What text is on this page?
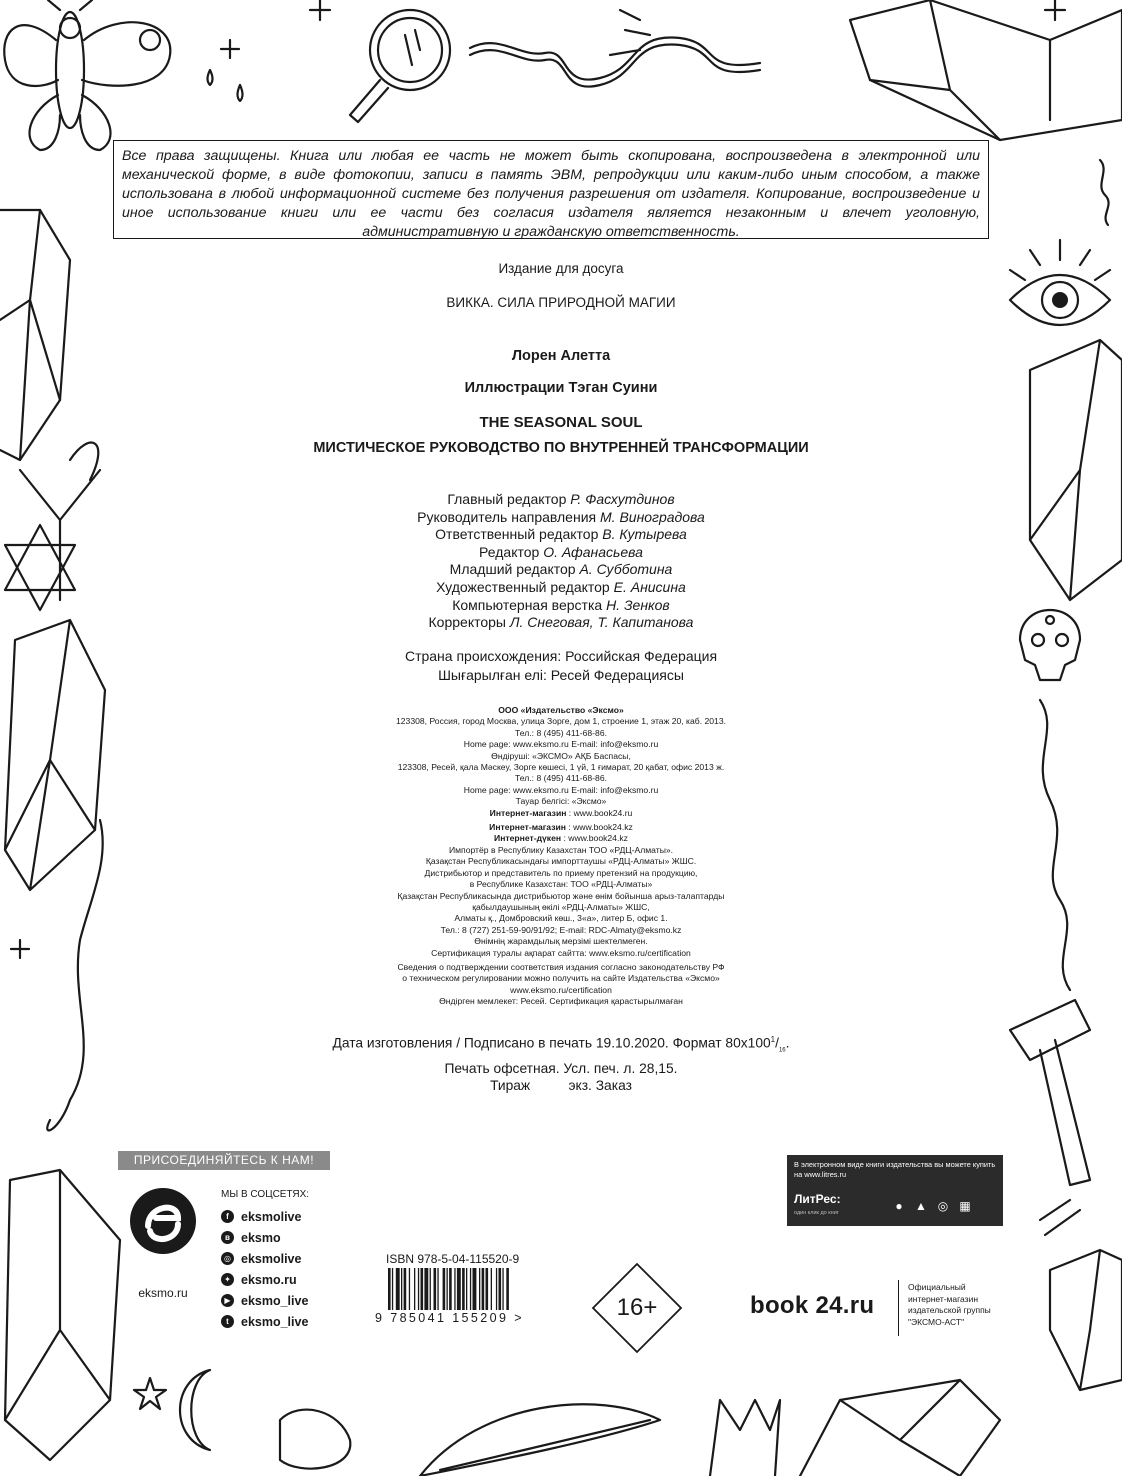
Все права защищены. Книга или любая ее часть не может быть скопирована, воспроизведена в электронной или механической форме, в виде фотокопии, записи в память ЭВМ, репродукции или каким-либо иным способом, а также использована в любой информационной системе без получения разрешения от издателя. Копирование, воспроизведение и иное использование книги или ее части без согласия издателя является незаконным и влечет уголовную, административную и гражданскую ответственность.
Издание для досуга
ВИККА. СИЛА ПРИРОДНОЙ МАГИИ
Лорен Алетта
Иллюстрации Тэган Суини
THE SEASONAL SOUL
МИСТИЧЕСКОЕ РУКОВОДСТВО ПО ВНУТРЕННЕЙ ТРАНСФОРМАЦИИ
Главный редактор Р. Фасхутдинов
Руководитель направления М. Виноградова
Ответственный редактор В. Кутырева
Редактор О. Афанасьева
Младший редактор А. Субботина
Художественный редактор Е. Анисина
Компьютерная верстка Н. Зенков
Корректоры Л. Снеговая, Т. Капитанова
Страна происхождения: Российская Федерация
Шығарылған елі: Ресей Федерациясы
ООО «Издательство «Эксмо»
123308, Россия, город Москва, улица Зорге, дом 1, строение 1, этаж 20, каб. 2013.
Тел.: 8 (495) 411-68-86.
Home page: www.eksmo.ru E-mail: info@eksmo.ru
Өндіруші: «ЭКСМО» АҚБ Баспасы,
123308, Ресей, қала Мәскеу, Зорге көшесі, 1 үй, 1 ғимарат, 20 қабат, офис 2013 ж.
Тел.: 8 (495) 411-68-86.
Home page: www.eksmo.ru E-mail: info@eksmo.ru
Тауар белгісі: «Эксмо»
Интернет-магазин : www.book24.ru
Интернет-магазин : www.book24.kz
Интернет-дүкен : www.book24.kz
Импортёр в Республику Казахстан ТОО «РДЦ-Алматы».
Қазақстан Республикасындағы импорттаушы «РДЦ-Алматы» ЖШС.
Дистрибьютор и представитель по приему претензий на продукцию,
в Республике Казахстан: ТОО «РДЦ-Алматы»
Қазақстан Республикасында дистрибьютор және өнім бойынша арыз-талаптарды
қабылдаушының өкілі «РДЦ-Алматы» ЖШС,
Алматы қ., Домбровский көш., 3«а», литер Б, офис 1.
Тел.: 8 (727) 251-59-90/91/92; E-mail: RDC-Almaty@eksmo.kz
Өнімнің жарамдылық мерзімі шектелмеген.
Сертификация туралы ақпарат сайтта: www.eksmo.ru/certification
Сведения о подтверждении соответствия издания согласно законодательству РФ
о техническом регулировании можно получить на сайте Издательства «Эксмо»
www.eksmo.ru/certification
Өндірген мемлекет: Ресей. Сертификация қарастырылмаған
Дата изготовления / Подписано в печать 19.10.2020. Формат $80x100^1/_{16}$.
Печать офсетная. Усл. печ. л. 28,15.
Тираж          экз. Заказ
ПРИСОЕДИНЯЙТЕСЬ К НАМ!
eksmo.ru
МЫ В СОЦСЕТЯХ:
f eksmolive
в eksmo
◎ eksmolive
✦ eksmo.ru
▶ eksmo_live
t eksmo_live
ISBN 978-5-04-115520-9
9 785041 155209 >	16+
В электронном виде книги издательства вы можете купить на www.litres.ru
ЛитРес:
один клик до книг	●	▲ ◎ ▦
book 24.ru
Официальный
интернет-магазин
издательской группы
"ЭКСМО-АСТ"
